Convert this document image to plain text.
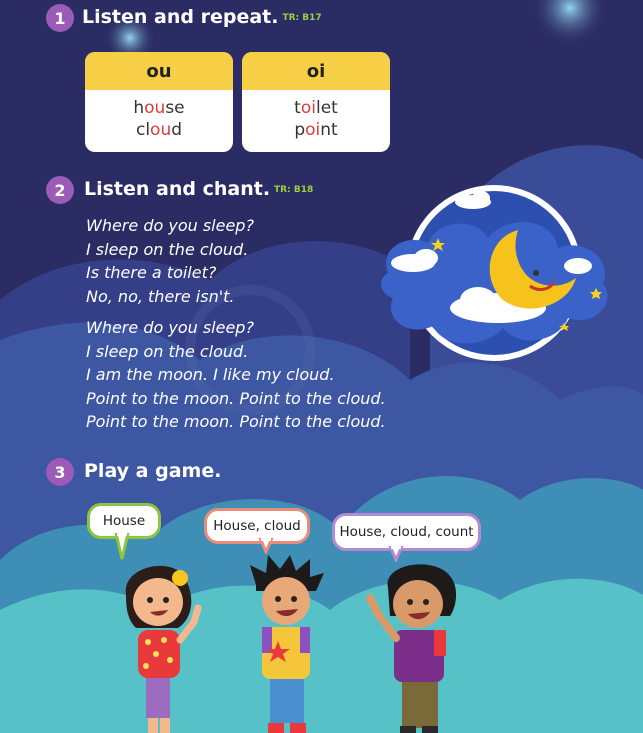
1 Listen and repeat. TR: B17
ou
house
cloud
oi
toilet
point
2 Listen and chant. TR: B18
Where do you sleep?
I sleep on the cloud.
Is there a toilet?
No, no, there isn't.
Where do you sleep?
I sleep on the cloud.
I am the moon. I like my cloud.
Point to the moon. Point to the cloud.
Point to the moon. Point to the cloud.
3 Play a game.
House	House, cloud	House, cloud, count
